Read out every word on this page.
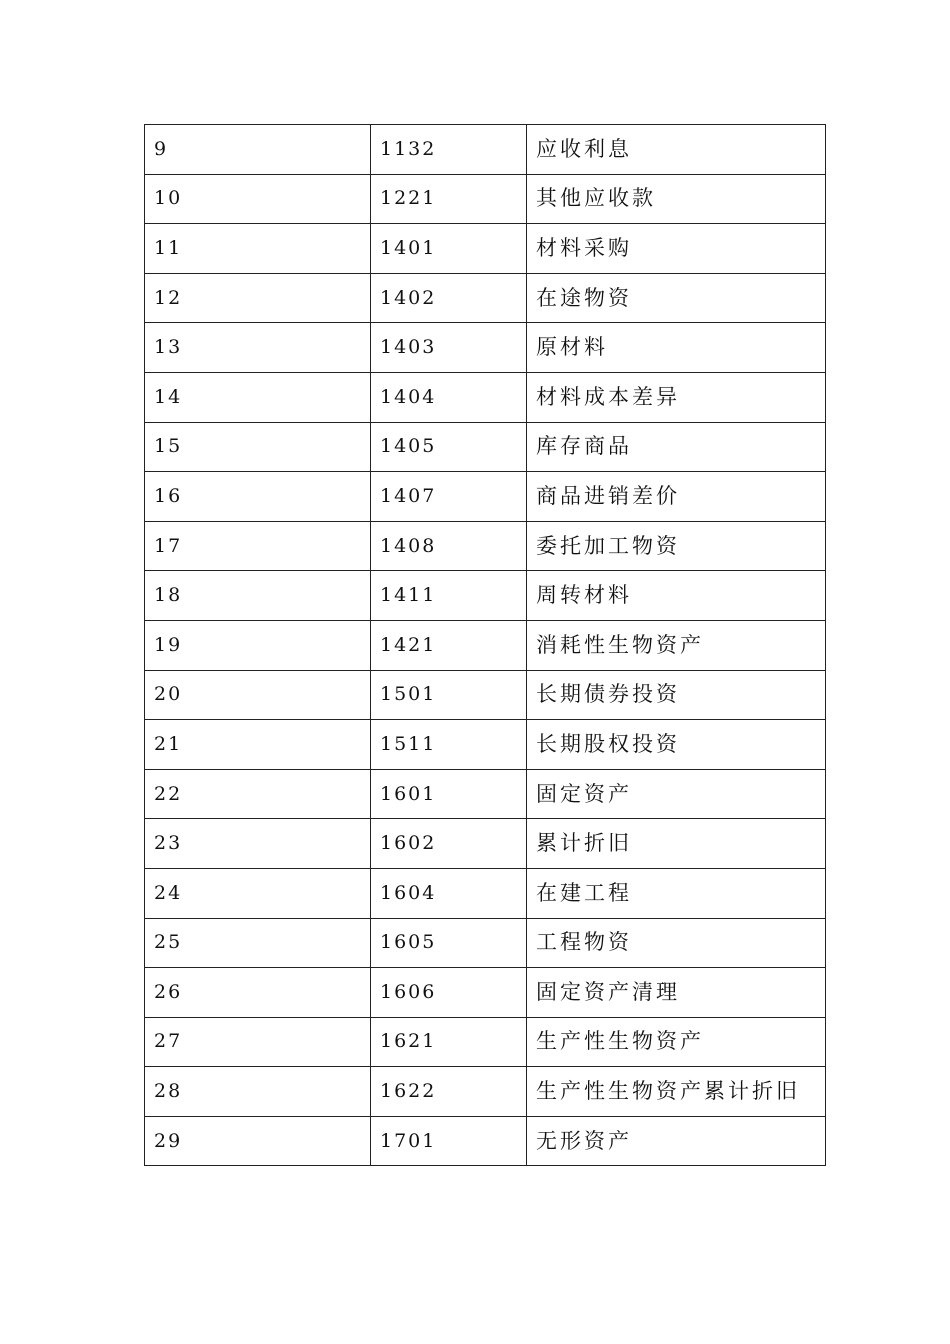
9	1132	应收利息
10	1221	其他应收款
11	1401	材料采购
12	1402	在途物资
13	1403	原材料
14	1404	材料成本差异
15	1405	库存商品
16	1407	商品进销差价
17	1408	委托加工物资
18	1411	周转材料
19	1421	消耗性生物资产
20	1501	长期债券投资
21	1511	长期股权投资
22	1601	固定资产
23	1602	累计折旧
24	1604	在建工程
25	1605	工程物资
26	1606	固定资产清理
27	1621	生产性生物资产
28	1622	生产性生物资产累计折旧
29	1701	无形资产
